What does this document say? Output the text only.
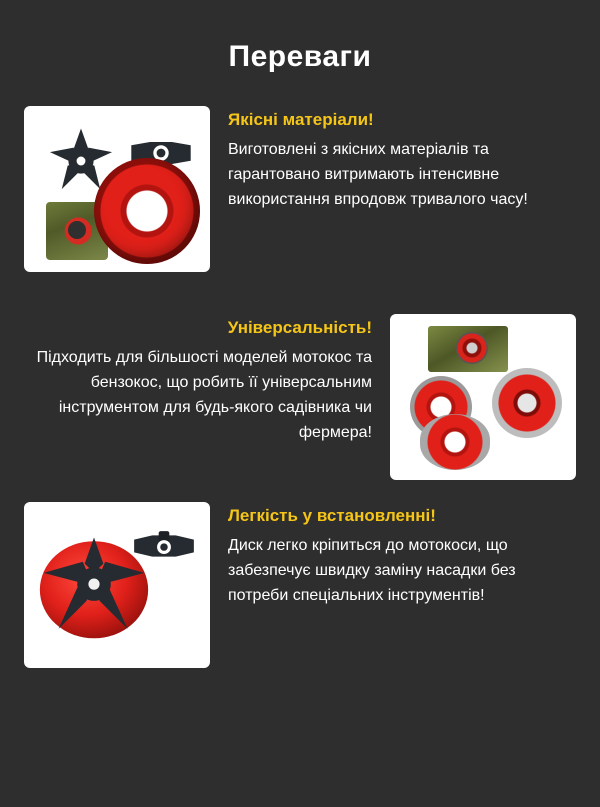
Переваги
Якісні матеріали!

Виготовлені з якісних матеріалів та гарантовано витримають інтенсивне використання впродовж тривалого часу!

Універсальність!

Підходить для більшості моделей мотокос та бензокос, що робить її універсальним інструментом для будь-якого садівника чи фермера!

Легкість у встановленні!

Диск легко кріпиться до мотокоси, що забезпечує швидку заміну насадки без потреби спеціальних інструментів!
